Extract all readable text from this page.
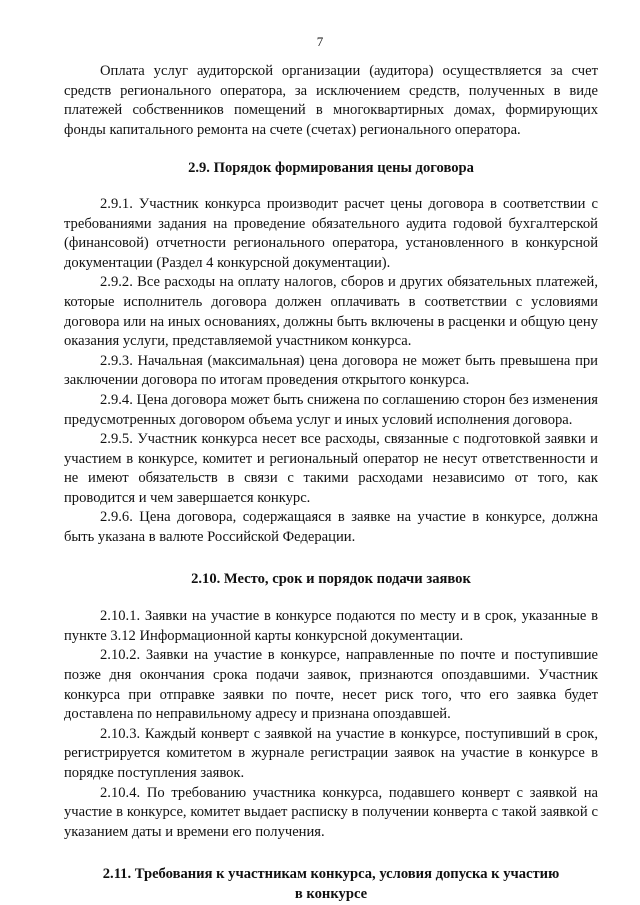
7

Оплата услуг аудиторской организации (аудитора) осуществляется за счет средств регионального оператора, за исключением средств, полученных в виде платежей собственников помещений в многоквартирных домах, формирующих фонды капитального ремонта на счете (счетах) регионального оператора.

2.9. Порядок формирования цены договора

2.9.1. Участник конкурса производит расчет цены договора в соответствии с требованиями задания на проведение обязательного аудита годовой бухгалтерской (финансовой) отчетности регионального оператора, установленного в конкурсной документации (Раздел 4 конкурсной документации).

2.9.2. Все расходы на оплату налогов, сборов и других обязательных платежей, которые исполнитель договора должен оплачивать в соответствии с условиями договора или на иных основаниях, должны быть включены в расценки и общую цену оказания услуги, представляемой участником конкурса.

2.9.3. Начальная (максимальная) цена договора не может быть превышена при заключении договора по итогам проведения открытого конкурса.

2.9.4. Цена договора может быть снижена по соглашению сторон без изменения предусмотренных договором объема услуг и иных условий исполнения договора.

2.9.5. Участник конкурса несет все расходы, связанные с подготовкой заявки и участием в конкурсе, комитет и региональный оператор не несут ответственности и не имеют обязательств в связи с такими расходами независимо от того, как проводится и чем завершается конкурс.

2.9.6. Цена договора, содержащаяся в заявке на участие в конкурсе, должна быть указана в валюте Российской Федерации.

2.10. Место, срок и порядок подачи заявок

2.10.1. Заявки на участие в конкурсе подаются по месту и в срок, указанные в пункте 3.12 Информационной карты конкурсной документации.

2.10.2. Заявки на участие в конкурсе, направленные по почте и поступившие позже дня окончания срока подачи заявок, признаются опоздавшими. Участник конкурса при отправке заявки по почте, несет риск того, что его заявка будет доставлена по неправильному адресу и признана опоздавшей.

2.10.3. Каждый конверт с заявкой на участие в конкурсе, поступивший в срок, регистрируется комитетом в журнале регистрации заявок на участие в конкурсе в порядке поступления заявок.

2.10.4. По требованию участника конкурса, подавшего конверт с заявкой на участие в конкурсе, комитет выдает расписку в получении конверта с такой заявкой с указанием даты и времени его получения.

2.11. Требования к участникам конкурса, условия допуска к участию
в конкурсе
